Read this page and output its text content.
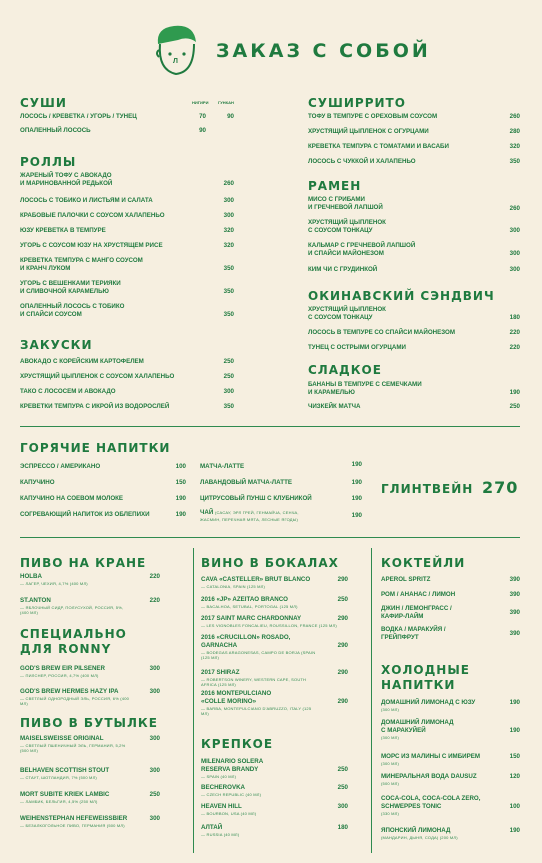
Л ЗАКАЗ С СОБОЙ
СУШИ	НИГИРИ ГУНКАН
ЛОСОСЬ / КРЕВЕТКА / УГОРЬ / ТУНЕЦ	70	90
ОПАЛЕННЫЙ ЛОСОСЬ	90
РОЛЛЫ
ЖАРЕНЫЙ ТОФУ С АВОКАДО
И МАРИНОВАННОЙ РЕДЬКОЙ	260
ЛОСОСЬ С ТОБИКО И ЛИСТЬЯМ И САЛАТА	300
КРАБОВЫЕ ПАЛОЧКИ С СОУСОМ ХАЛАПЕНЬО	300
ЮЗУ КРЕВЕТКА В ТЕМПУРЕ	320
УГОРЬ С СОУСОМ ЮЗУ НА ХРУСТЯЩЕМ РИСЕ	320
КРЕВЕТКА ТЕМПУРА С МАНГО СОУСОМ
И КРАНЧ ЛУКОМ	350
УГОРЬ С ВЕШЕНКАМИ ТЕРИЯКИ
И СЛИВОЧНОЙ КАРАМЕЛЬЮ	350
ОПАЛЕННЫЙ ЛОСОСЬ С ТОБИКО
И СПАЙСИ СОУСОМ	350
ЗАКУСКИ
АВОКАДО С КОРЕЙСКИМ КАРТОФЕЛЕМ	250
ХРУСТЯЩИЙ ЦЫПЛЕНОК С СОУСОМ ХАЛАПЕНЬО	250
ТАКО С ЛОСОСЕМ И АВОКАДО	300
КРЕВЕТКИ ТЕМПУРА С ИКРОЙ ИЗ ВОДОРОСЛЕЙ	350
СУШИРРИТО
ТОФУ В ТЕМПУРЕ С ОРЕХОВЫМ СОУСОМ	260
ХРУСТЯЩИЙ ЦЫПЛЕНОК С ОГУРЦАМИ	280
КРЕВЕТКА ТЕМПУРА С ТОМАТАМИ И ВАСАБИ	320
ЛОСОСЬ С ЧУККОЙ И ХАЛАПЕНЬО	350
РАМЕН
МИСО С ГРИБАМИ
И ГРЕЧНЕВОЙ ЛАПШОЙ	260
ХРУСТЯЩИЙ ЦЫПЛЕНОК
С СОУСОМ ТОНКАЦУ	300
КАЛЬМАР С ГРЕЧНЕВОЙ ЛАПШОЙ
И СПАЙСИ МАЙОНЕЗОМ	300
КИМ ЧИ С ГРУДИНКОЙ	300
ОКИНАВСКИЙ СЭНДВИЧ
ХРУСТЯЩИЙ ЦЫПЛЕНОК
С СОУСОМ ТОНКАЦУ	180
ЛОСОСЬ В ТЕМПУРЕ СО СПАЙСИ МАЙОНЕЗОМ	220
ТУНЕЦ С ОСТРЫМИ ОГУРЦАМИ	220
СЛАДКОЕ
БАНАНЫ В ТЕМПУРЕ С СЕМЕЧКАМИ
И КАРАМЕЛЬЮ	190
ЧИЗКЕЙК МАТЧА	250
ГОРЯЧИЕ НАПИТКИ
ЭСПРЕССО / АМЕРИКАНО	100
КАПУЧИНО	150
КАПУЧИНО НА СОЕВОМ МОЛОКЕ	190
СОГРЕВАЮЩИЙ НАПИТОК ИЗ ОБЛЕПИХИ	190
МАТЧА-ЛАТТЕ	190
ЛАВАНДОВЫЙ МАТЧА-ЛАТТЕ	190
ЦИТРУСОВЫЙ ПУНШ С КЛУБНИКОЙ	190
ЧАЙ (САСАУ, ЭРЛ ГРЕЙ, ГЕНМАЙЧА, СЕНЧА,
ЖАСМИН, ПЕРЕЧНАЯ МЯТА, ЛЕСНЫЕ ЯГОДЫ)
190
ГЛИНТВЕЙН 270
ПИВО НА КРАНЕ
HOLBA
— ЛАГЕР, ЧЕХИЯ, 4,7% (400 МЛ)
220
ST.ANTON
— ЯБЛОЧНЫЙ СИДР, ПОЛУСУХОЙ, РОССИЯ, 5%, (400 МЛ)
220
СПЕЦИАЛЬНО
ДЛЯ RONNY
GOD'S BREW EIR PILSENER
— ПИЛСНЕР, РОССИЯ, 4,7% (400 МЛ)
300
GOD'S BREW HERMES HAZY IPA
— СВЕТЛЫЙ ОДНОРОДНЫЙ ЭЛЬ, РОССИЯ, 6% (400 МЛ)
300
ПИВО В БУТЫЛКЕ
MAISELSWEISSE ORIGINAL
— СВЕТЛЫЙ ПШЕНИЧНЫЙ ЭЛЬ, ГЕРМАНИЯ, 5,2% (500 МЛ)
300
BELHAVEN SCOTTISH STOUT
— СТАУТ, ШОТЛАНДИЯ, 7% (500 МЛ)
300
MORT SUBITE KRIEK LAMBIC
— ЛАМБИК, БЕЛЬГИЯ, 4,5% (250 МЛ)
250
WEIHENSTEPHAN HEFEWEISSBIER
— БЕЗАЛКОГОЛЬНОЕ ПИВО, ГЕРМАНИЯ (500 МЛ)
300
ВИНО В БОКАЛАХ
CAVA «CASTELLER» BRUT BLANCO
— CATALONIA, SPAIN (125 МЛ)
290
2016 «JP» AZEITAO BRANCO
— BACALHOA, SETUBAL, PORTOGAL (125 МЛ)
250
2017 SAINT MARC CHARDONNAY
— LES VIGNOBLES FONCALIEU, ROUSSILLON, FRANCE (125 МЛ)
290
2016 «CRUCILLON» ROSADO,
GARNACHA
— BODEGAS ARAGONESAS, CAMPO DE BORJA (SPAIN (125 МЛ)
290
2017 SHIRAZ
— ROBERTSON WINERY, WESTERN CAPE, SOUTH AFRICA (125 МЛ)
290
2016 MONTEPULCIANO
«COLLE MORINO»
— BARBA, MONTEPULCIANO D'ABRUZZO, ITALY (125 МЛ)
290
КРЕПКОЕ
MILENARIO SOLERA
RESERVA BRANDY
— SPAIN (40 МЛ)
250
BECHEROVKA
— CZECH REPUBLIC (40 МЛ)
250
HEAVEN HILL
— BOURBON, USA (40 МЛ)
300
АЛТАЙ
— RUSSIA (40 МЛ)
180
КОКТЕЙЛИ
APEROL SPRITZ	390
РОМ / АНАНАС / ЛИМОН	390
ДЖИН / ЛЕМОНГРАСС /
КАФИР-ЛАЙМ
390
ВОДКА / МАРАКУЙЯ /
ГРЕЙПФРУТ
390
ХОЛОДНЫЕ
НАПИТКИ
ДОМАШНИЙ ЛИМОНАД С ЮЗУ
(300 МЛ)
190
ДОМАШНИЙ ЛИМОНАД
С МАРАКУЙЕЙ
(300 МЛ)
190
МОРС ИЗ МАЛИНЫ С ИМБИРЕМ
(300 МЛ)
150
МИНЕРАЛЬНАЯ ВОДА DAUSUZ
(500 МЛ)
120
COCA-COLA, COCA-COLA ZERO,
SCHWEPPES TONIC
(330 МЛ)
100
ЯПОНСКИЙ ЛИМОНАД
(МАНДАРИН, ДЫНЯ, СОДА) (200 МЛ)
190
